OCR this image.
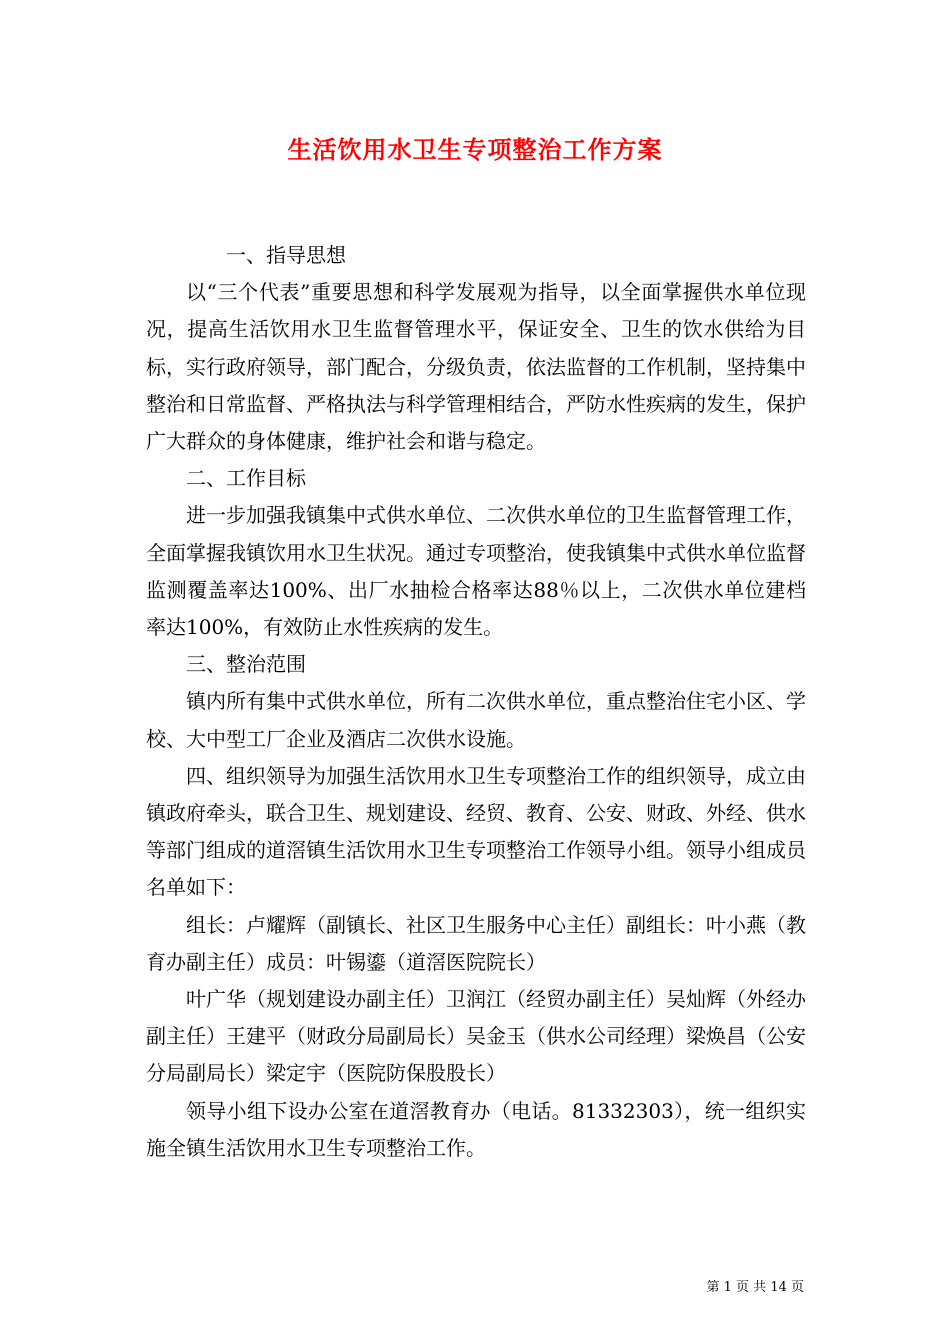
生活饮用水卫生专项整治工作方案

一、指导思想

以“三个代表”重要思想和科学发展观为指导，以全面掌握供水单位现况，提高生活饮用水卫生监督管理水平，保证安全、卫生的饮水供给为目标，实行政府领导，部门配合，分级负责，依法监督的工作机制，坚持集中整治和日常监督、严格执法与科学管理相结合，严防水性疾病的发生，保护广大群众的身体健康，维护社会和谐与稳定。

二、工作目标

进一步加强我镇集中式供水单位、二次供水单位的卫生监督管理工作，全面掌握我镇饮用水卫生状况。通过专项整治，使我镇集中式供水单位监督监测覆盖率达100%、出厂水抽检合格率达88％以上，二次供水单位建档率达100%，有效防止水性疾病的发生。

三、整治范围

镇内所有集中式供水单位，所有二次供水单位，重点整治住宅小区、学校、大中型工厂企业及酒店二次供水设施。

四、组织领导为加强生活饮用水卫生专项整治工作的组织领导，成立由镇政府牵头，联合卫生、规划建设、经贸、教育、公安、财政、外经、供水等部门组成的道滘镇生活饮用水卫生专项整治工作领导小组。领导小组成员名单如下：

组长：卢耀辉（副镇长、社区卫生服务中心主任）副组长：叶小燕（教育办副主任）成员：叶锡鎏（道滘医院院长）

叶广华（规划建设办副主任）卫润江（经贸办副主任）吴灿辉（外经办副主任）王建平（财政分局副局长）吴金玉（供水公司经理）梁焕昌（公安分局副局长）梁定宇（医院防保股股长）

领导小组下设办公室在道滘教育办（电话。81332303），统一组织实施全镇生活饮用水卫生专项整治工作。

第 1 页 共 14 页
